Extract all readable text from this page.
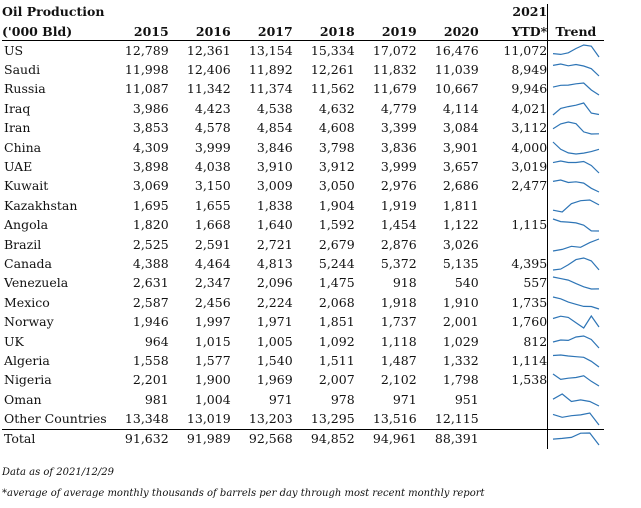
Oil Production							2021	
('000 Bld)	2015	2016	2017	2018	2019	2020	YTD*	Trend
US	12,789	12,361	13,154	15,334	17,072	16,476	11,072	

Saudi	11,998	12,406	11,892	12,261	11,832	11,039	8,949	

Russia	11,087	11,342	11,374	11,562	11,679	10,667	9,946	

Iraq	3,986	4,423	4,538	4,632	4,779	4,114	4,021	

Iran	3,853	4,578	4,854	4,608	3,399	3,084	3,112	

China	4,309	3,999	3,846	3,798	3,836	3,901	4,000	

UAE	3,898	4,038	3,910	3,912	3,999	3,657	3,019	

Kuwait	3,069	3,150	3,009	3,050	2,976	2,686	2,477	

Kazakhstan	1,695	1,655	1,838	1,904	1,919	1,811		

Angola	1,820	1,668	1,640	1,592	1,454	1,122	1,115	

Brazil	2,525	2,591	2,721	2,679	2,876	3,026		

Canada	4,388	4,464	4,813	5,244	5,372	5,135	4,395	

Venezuela	2,631	2,347	2,096	1,475	918	540	557	

Mexico	2,587	2,456	2,224	2,068	1,918	1,910	1,735	

Norway	1,946	1,997	1,971	1,851	1,737	2,001	1,760	

UK	964	1,015	1,005	1,092	1,118	1,029	812	

Algeria	1,558	1,577	1,540	1,511	1,487	1,332	1,114	

Nigeria	2,201	1,900	1,969	2,007	2,102	1,798	1,538	

Oman	981	1,004	971	978	971	951		

Other Countries	13,348	13,019	13,203	13,295	13,516	12,115		

Total	91,632	91,989	92,568	94,852	94,961	88,391		
Data as of 2021/12/29
*average of average monthly thousands of barrels per day through most recent monthly report
